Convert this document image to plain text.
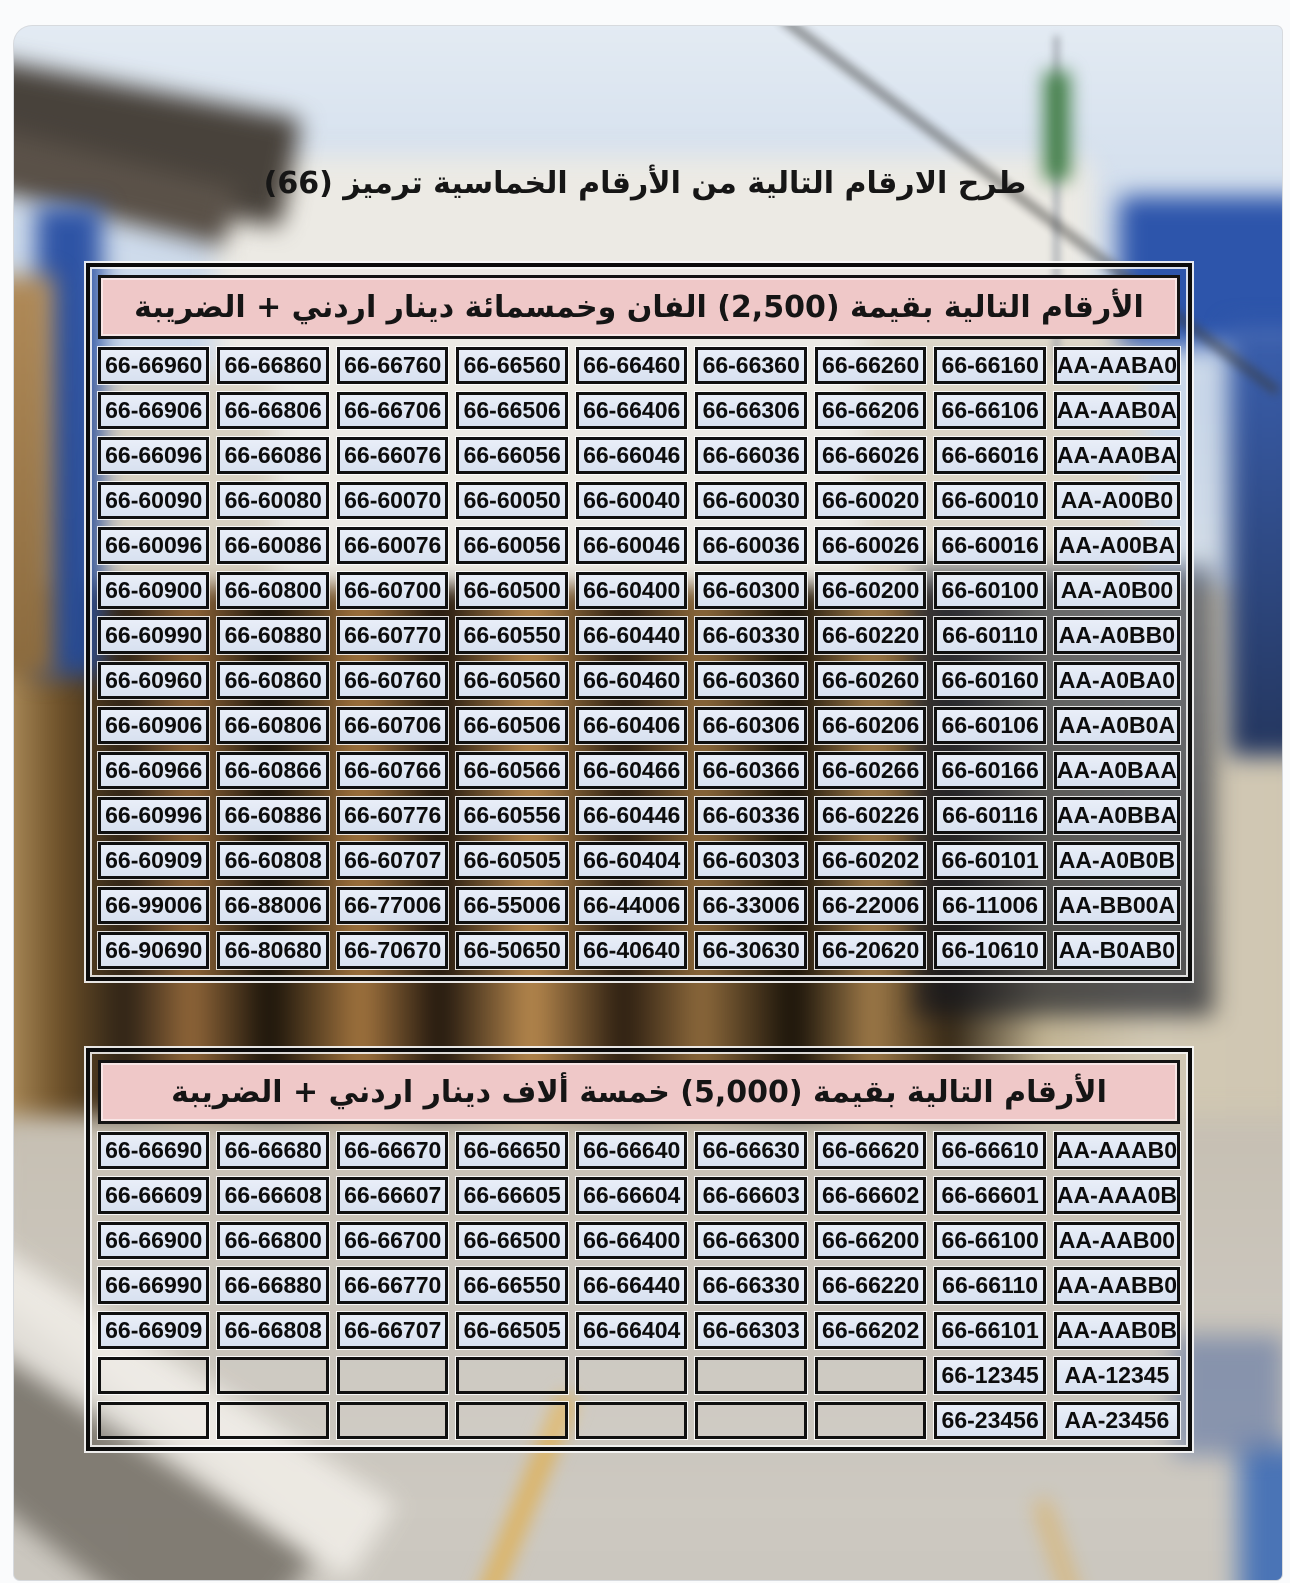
طرح الارقام التالية من الأرقام الخماسية ترميز (66)
الأرقام التالية بقيمة (2,500) الفان وخمسمائة دينار اردني + الضريبة
66-66960 66-66860 66-66760 66-66560 66-66460 66-66360 66-66260 66-66160 AA-AABA0
66-66906 66-66806 66-66706 66-66506 66-66406 66-66306 66-66206 66-66106 AA-AAB0A
66-66096 66-66086 66-66076 66-66056 66-66046 66-66036 66-66026 66-66016 AA-AA0BA
66-60090 66-60080 66-60070 66-60050 66-60040 66-60030 66-60020 66-60010 AA-A00B0
66-60096 66-60086 66-60076 66-60056 66-60046 66-60036 66-60026 66-60016 AA-A00BA
66-60900 66-60800 66-60700 66-60500 66-60400 66-60300 66-60200 66-60100 AA-A0B00
66-60990 66-60880 66-60770 66-60550 66-60440 66-60330 66-60220 66-60110 AA-A0BB0
66-60960 66-60860 66-60760 66-60560 66-60460 66-60360 66-60260 66-60160 AA-A0BA0
66-60906 66-60806 66-60706 66-60506 66-60406 66-60306 66-60206 66-60106 AA-A0B0A
66-60966 66-60866 66-60766 66-60566 66-60466 66-60366 66-60266 66-60166 AA-A0BAA
66-60996 66-60886 66-60776 66-60556 66-60446 66-60336 66-60226 66-60116 AA-A0BBA
66-60909 66-60808 66-60707 66-60505 66-60404 66-60303 66-60202 66-60101 AA-A0B0B
66-99006 66-88006 66-77006 66-55006 66-44006 66-33006 66-22006 66-11006 AA-BB00A
66-90690 66-80680 66-70670 66-50650 66-40640 66-30630 66-20620 66-10610 AA-B0AB0
الأرقام التالية بقيمة (5,000) خمسة ألاف دينار اردني + الضريبة
66-66690 66-66680 66-66670 66-66650 66-66640 66-66630 66-66620 66-66610 AA-AAAB0
66-66609 66-66608 66-66607 66-66605 66-66604 66-66603 66-66602 66-66601 AA-AAA0B
66-66900 66-66800 66-66700 66-66500 66-66400 66-66300 66-66200 66-66100 AA-AAB00
66-66990 66-66880 66-66770 66-66550 66-66440 66-66330 66-66220 66-66110 AA-AABB0
66-66909 66-66808 66-66707 66-66505 66-66404 66-66303 66-66202 66-66101 AA-AAB0B
66-12345	AA-12345
66-23456	AA-23456
